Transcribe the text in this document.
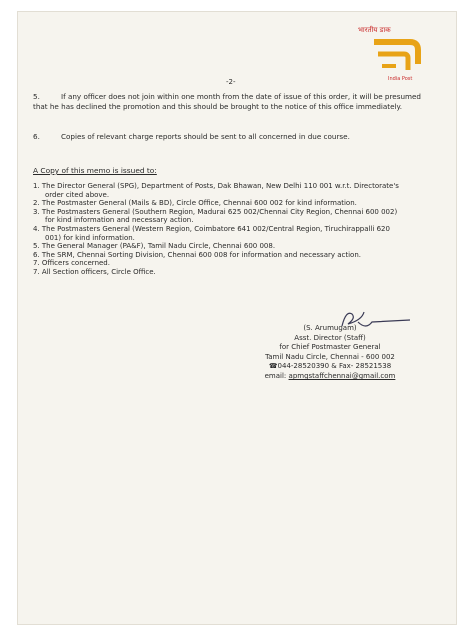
भारतीय डाक
India Post
-2-
5.	If any officer does not join within one month from the date of issue of this order, it will be presumed that he has declined the promotion and this should be brought to the notice of this office immediately.
6.	Copies of relevant charge reports should be sent to all concerned in due course.
A Copy of this memo is issued to:
1. The Director General (SPG), Department of Posts, Dak Bhawan, New Delhi 110 001 w.r.t. Directorate's order cited above.
2. The Postmaster General (Mails & BD), Circle Office, Chennai 600 002 for kind information.
3. The Postmasters General (Southern Region, Madurai 625 002/Chennai City Region, Chennai 600 002) for kind information and necessary action.
4. The Postmasters General (Western Region, Coimbatore 641 002/Central Region, Tiruchirappalli 620 001) for kind information.
5. The General Manager (PA&F), Tamil Nadu Circle, Chennai 600 008.
6. The SRM, Chennai Sorting Division, Chennai 600 008 for information and necessary action.
7. Officers concerned.
7. All Section officers, Circle Office.
(S. Arumugam)
Asst. Director (Staff)
for Chief Postmaster General
Tamil Nadu Circle, Chennai - 600 002
☎044-28520390 & Fax- 28521538
email: apmgstaffchennai@gmail.com
